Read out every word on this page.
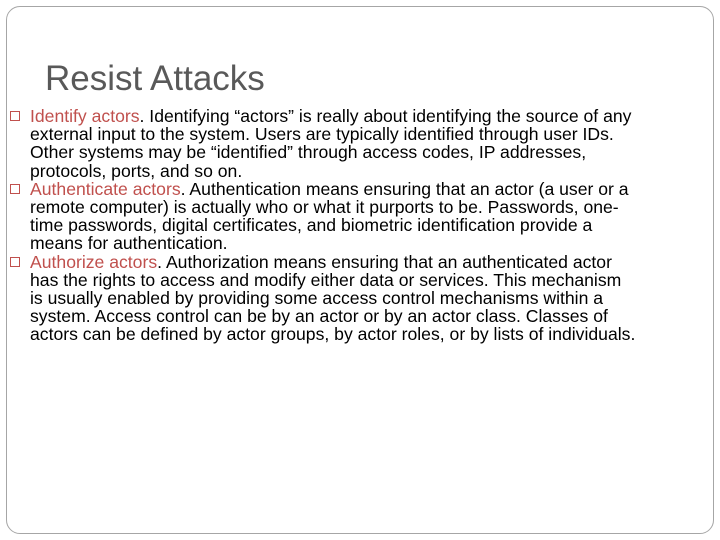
Resist Attacks
Identify actors. Identifying “actors” is really about identifying the source of any
external input to the system. Users are typically identified through user IDs.
Other systems may be “identified” through access codes, IP addresses,
protocols, ports, and so on.
Authenticate actors. Authentication means ensuring that an actor (a user or a
remote computer) is actually who or what it purports to be. Passwords, one-
time passwords, digital certificates, and biometric identification provide a
means for authentication.
Authorize actors. Authorization means ensuring that an authenticated actor
has the rights to access and modify either data or services. This mechanism
is usually enabled by providing some access control mechanisms within a
system. Access control can be by an actor or by an actor class. Classes of
actors can be defined by actor groups, by actor roles, or by lists of individuals.
